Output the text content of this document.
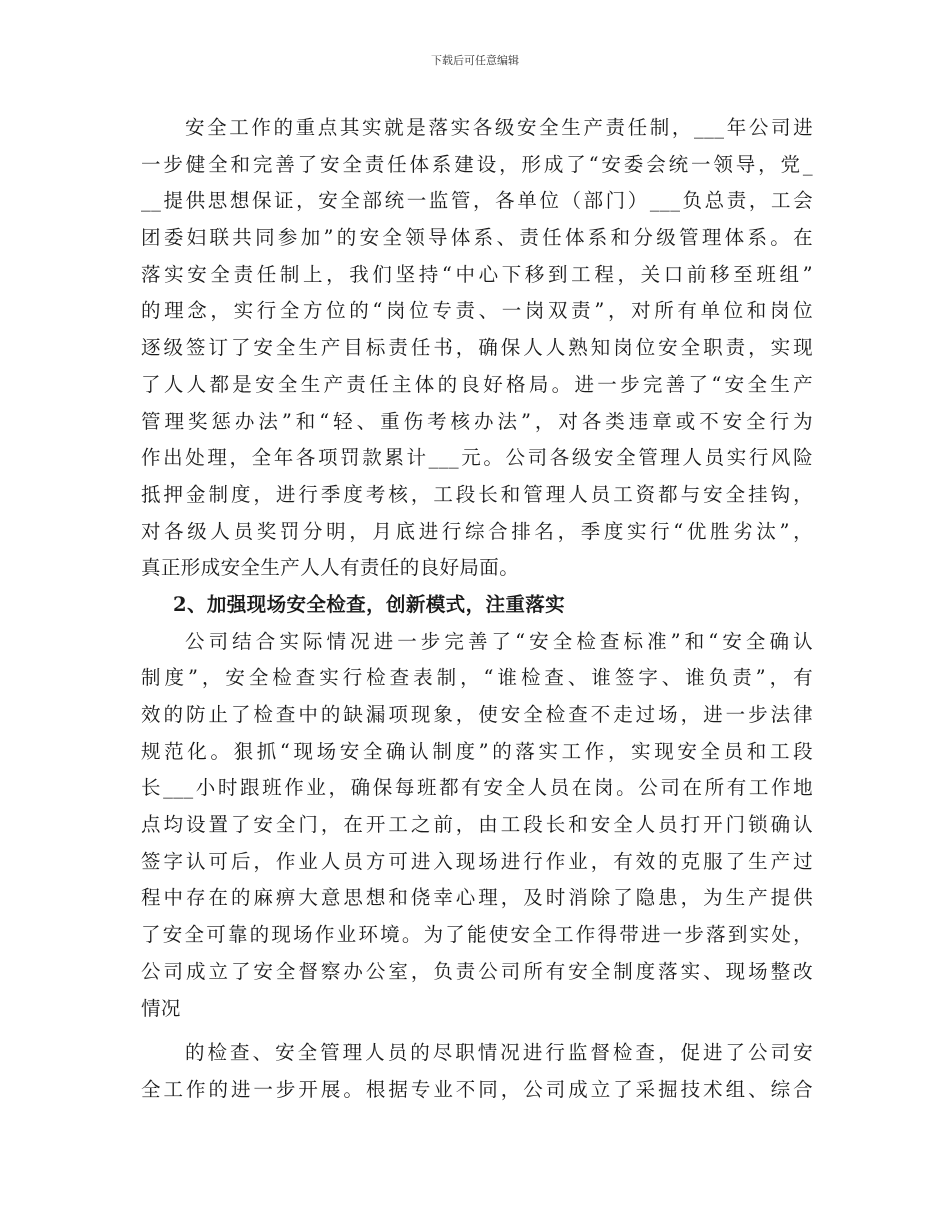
下载后可任意编辑
安全工作的重点其实就是落实各级安全生产责任制，___年公司进
一步健全和完善了安全责任体系建设，形成了“安委会统一领导，党_
__提供思想保证，安全部统一监管，各单位（部门）___负总责，工会
团委妇联共同参加”的安全领导体系、责任体系和分级管理体系。在
落实安全责任制上，我们坚持“中心下移到工程，关口前移至班组”
的理念，实行全方位的“岗位专责、一岗双责”，对所有单位和岗位
逐级签订了安全生产目标责任书，确保人人熟知岗位安全职责，实现
了人人都是安全生产责任主体的良好格局。进一步完善了“安全生产
管理奖惩办法”和“轻、重伤考核办法”，对各类违章或不安全行为
作出处理，全年各项罚款累计___元。公司各级安全管理人员实行风险
抵押金制度，进行季度考核，工段长和管理人员工资都与安全挂钩，
对各级人员奖罚分明，月底进行综合排名，季度实行“优胜劣汰”，
真正形成安全生产人人有责任的良好局面。
2、加强现场安全检查，创新模式，注重落实
公司结合实际情况进一步完善了“安全检查标准”和“安全确认
制度”，安全检查实行检查表制，“谁检查、谁签字、谁负责”，有
效的防止了检查中的缺漏项现象，使安全检查不走过场，进一步法律
规范化。狠抓“现场安全确认制度”的落实工作，实现安全员和工段
长___小时跟班作业，确保每班都有安全人员在岗。公司在所有工作地
点均设置了安全门，在开工之前，由工段长和安全人员打开门锁确认
签字认可后，作业人员方可进入现场进行作业，有效的克服了生产过
程中存在的麻痹大意思想和侥幸心理，及时消除了隐患，为生产提供
了安全可靠的现场作业环境。为了能使安全工作得带进一步落到实处，
公司成立了安全督察办公室，负责公司所有安全制度落实、现场整改
情况
的检查、安全管理人员的尽职情况进行监督检查，促进了公司安
全工作的进一步开展。根据专业不同，公司成立了采掘技术组、综合
